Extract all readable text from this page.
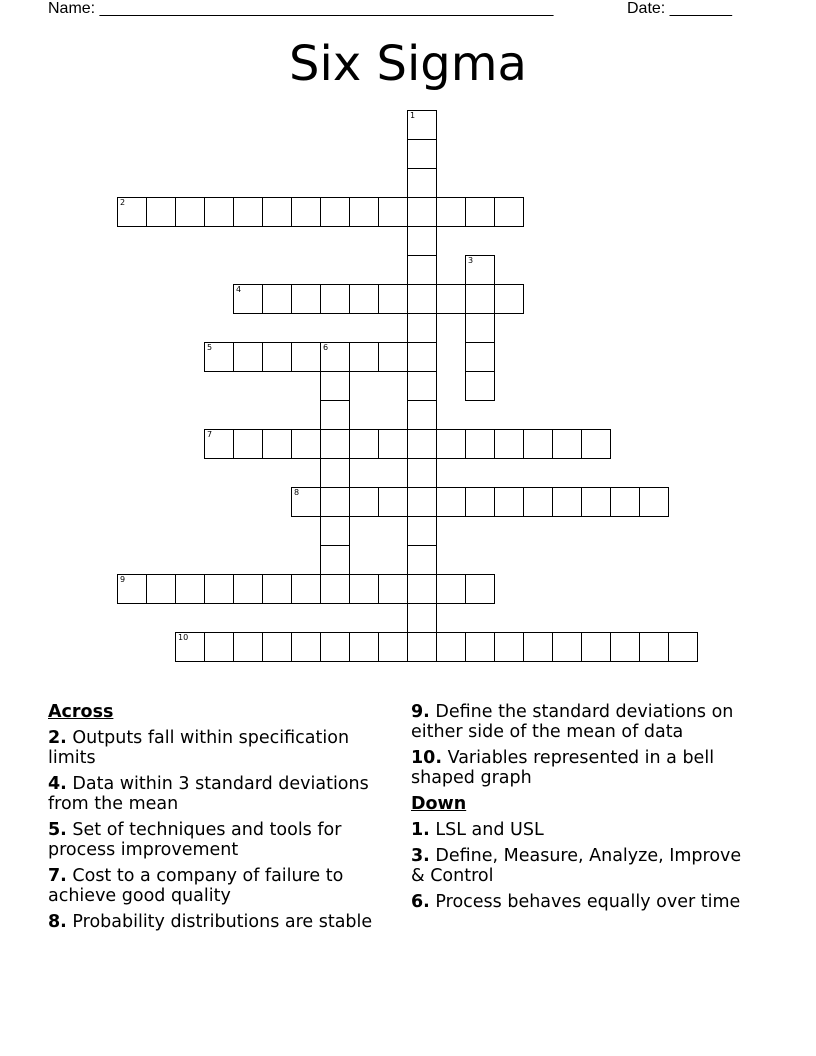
Name: ___________________________________________________	Date: _______
Six Sigma
2
4
5	6
7
8
9
10
1
3
Across
2. Outputs fall within specification limits
4. Data within 3 standard deviations from the mean
5. Set of techniques and tools for process improvement
7. Cost to a company of failure to achieve good quality
8. Probability distributions are stable
9. Define the standard deviations on either side of the mean of data
10. Variables represented in a bell shaped graph
Down
1. LSL and USL
3. Define, Measure, Analyze, Improve & Control
6. Process behaves equally over time
